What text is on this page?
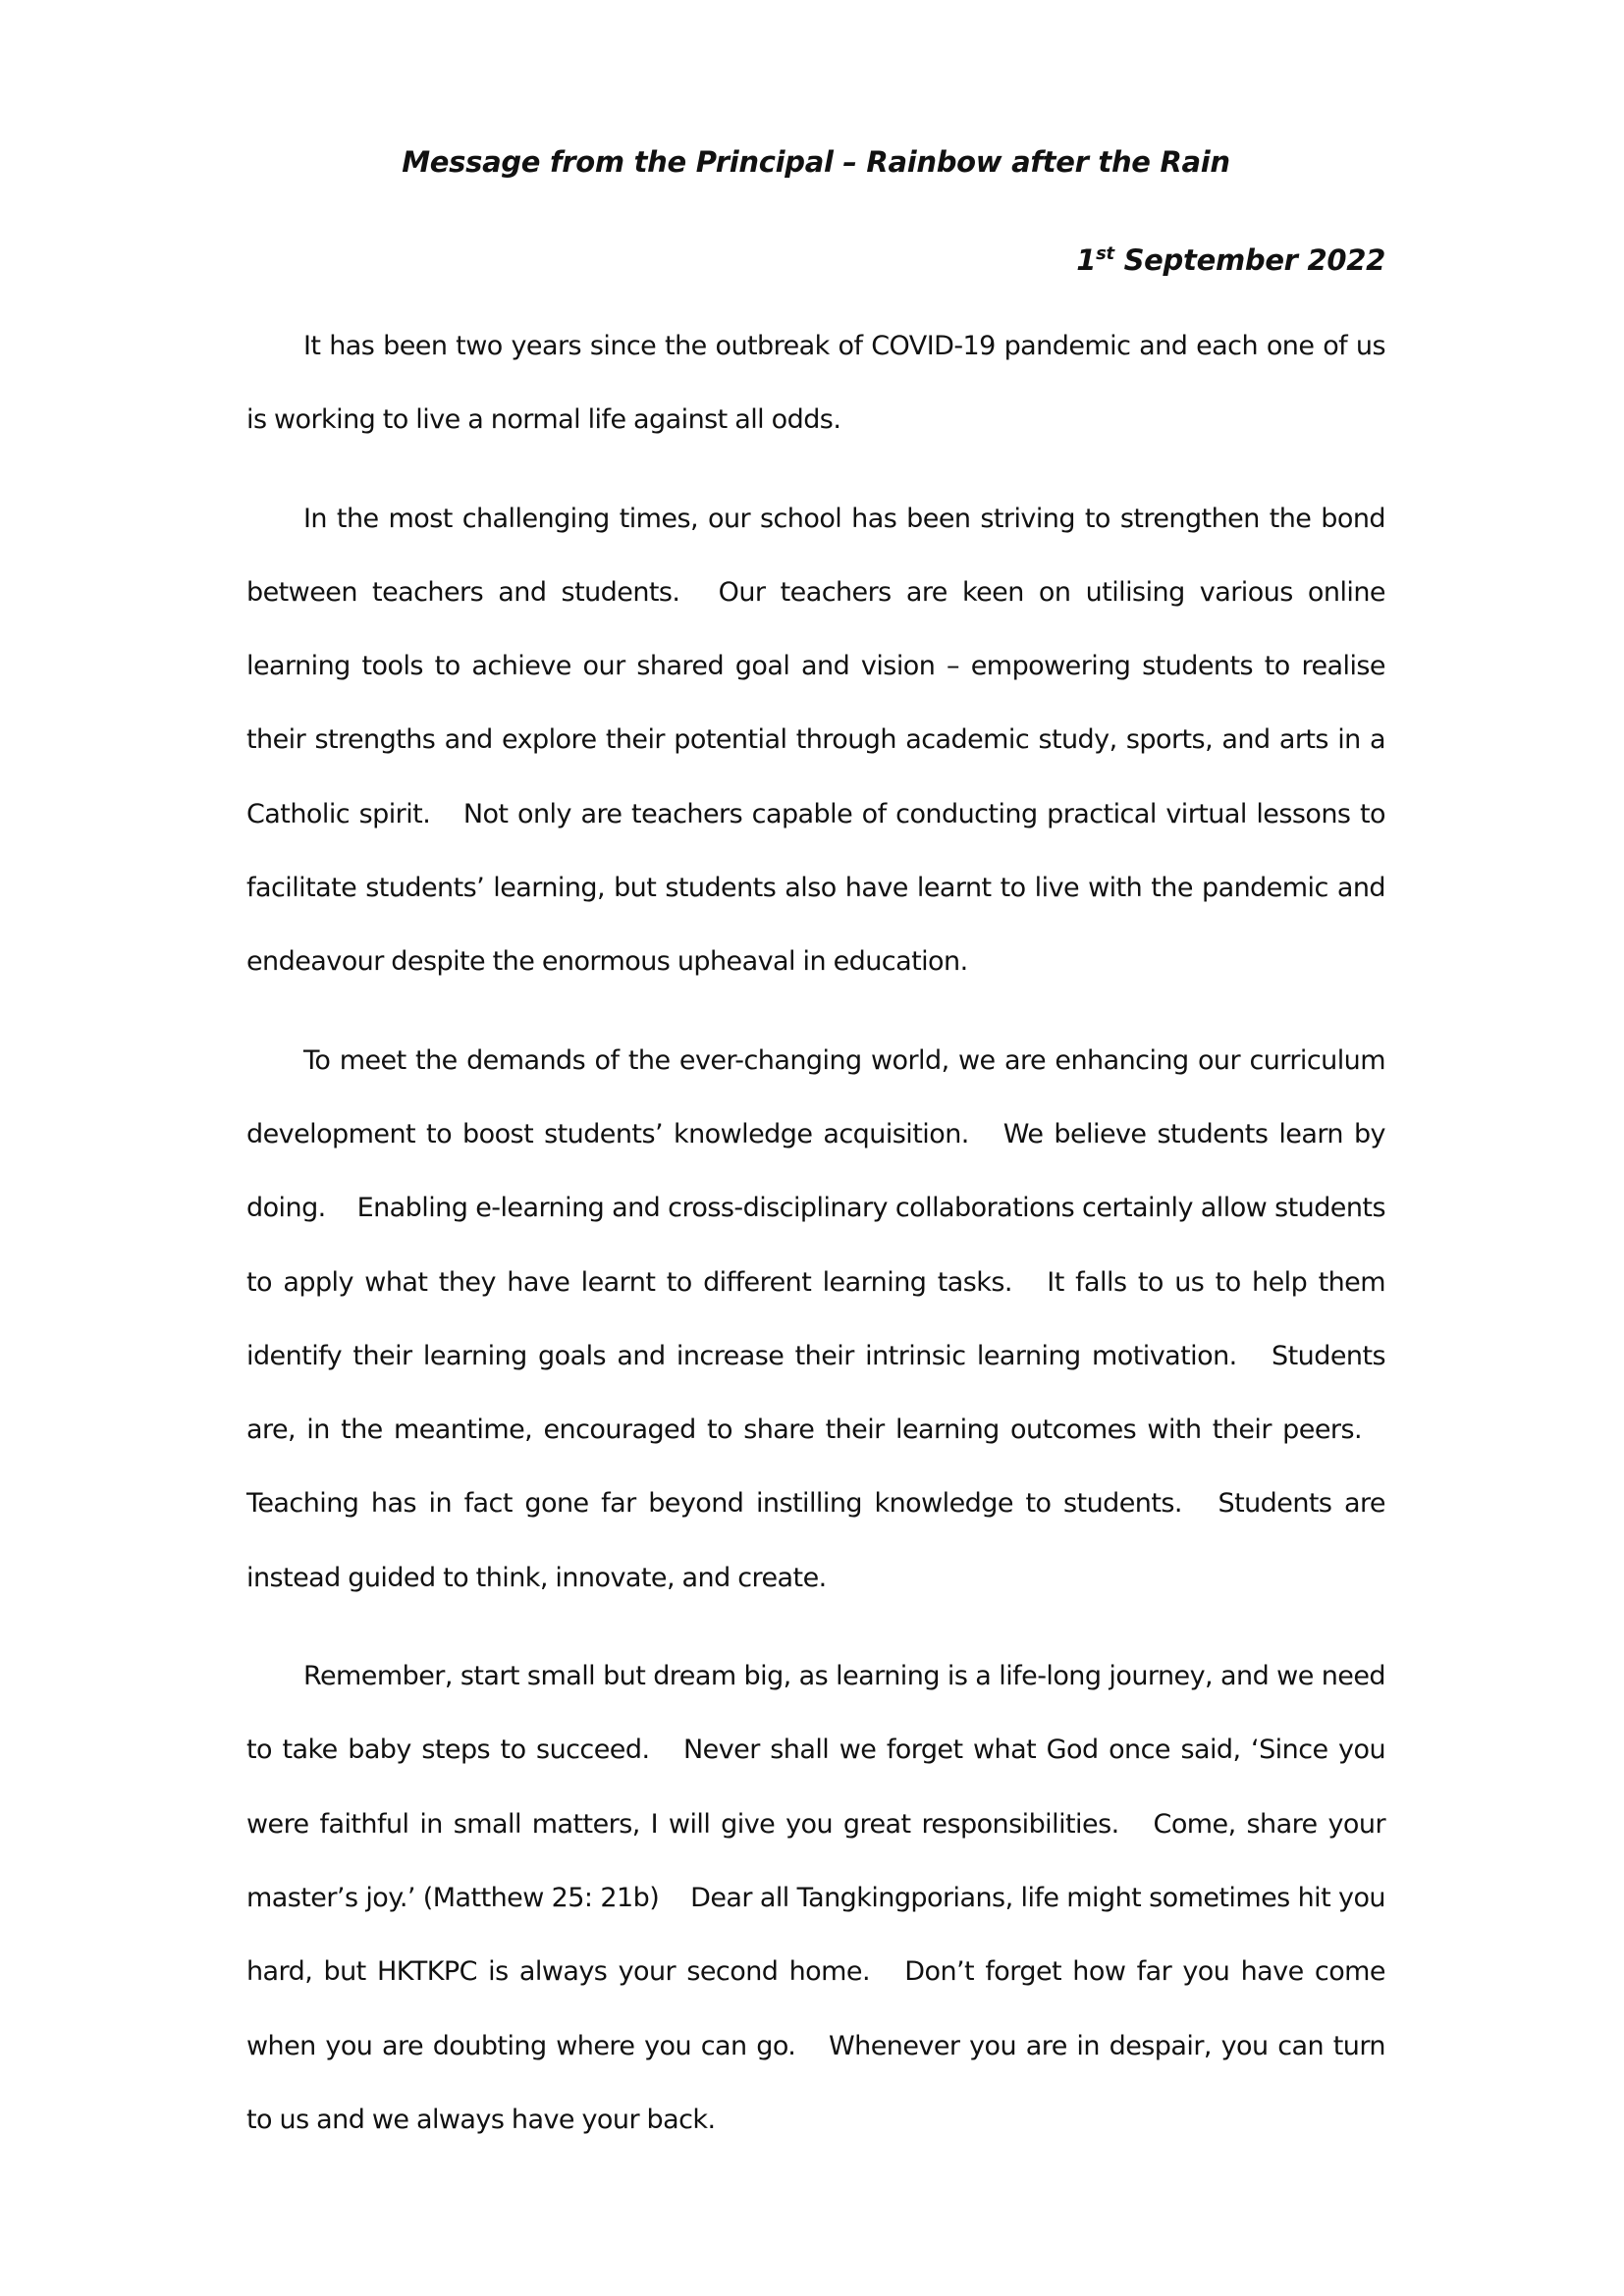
Message from the Principal – Rainbow after the Rain

1st September 2022

It has been two years since the outbreak of COVID-19 pandemic and each one of us is working to live a normal life against all odds.

In the most challenging times, our school has been striving to strengthen the bond between teachers and students. Our teachers are keen on utilising various online learning tools to achieve our shared goal and vision – empowering students to realise their strengths and explore their potential through academic study, sports, and arts in a Catholic spirit. Not only are teachers capable of conducting practical virtual lessons to facilitate students’ learning, but students also have learnt to live with the pandemic and endeavour despite the enormous upheaval in education.

To meet the demands of the ever-changing world, we are enhancing our curriculum development to boost students’ knowledge acquisition. We believe students learn by doing. Enabling e-learning and cross-disciplinary collaborations certainly allow students to apply what they have learnt to different learning tasks. It falls to us to help them identify their learning goals and increase their intrinsic learning motivation. Students are, in the meantime, encouraged to share their learning outcomes with their peers. Teaching has in fact gone far beyond instilling knowledge to students. Students are instead guided to think, innovate, and create.

Remember, start small but dream big, as learning is a life-long journey, and we need to take baby steps to succeed. Never shall we forget what God once said, ‘Since you were faithful in small matters, I will give you great responsibilities. Come, share your master’s joy.’ (Matthew 25: 21b) Dear all Tangkingporians, life might sometimes hit you hard, but HKTKPC is always your second home. Don’t forget how far you have come when you are doubting where you can go. Whenever you are in despair, you can turn to us and we always have your back.
